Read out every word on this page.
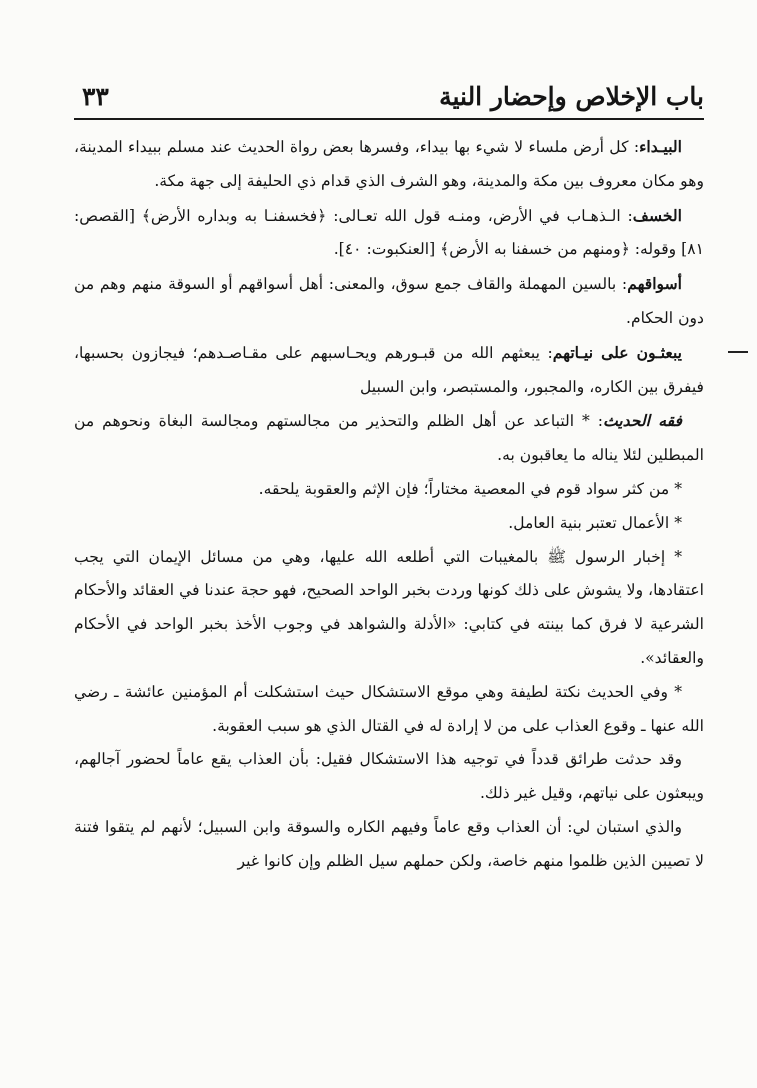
باب الإخلاص وإحضار النية
٣٣

البيـداء: كل أرض ملساء لا شيء بها بيداء، وفسرها بعض رواة الحديث عند مسلم ببيداء المدينة، وهو مكان معروف بين مكة والمدينة، وهو الشرف الذي قدام ذي الحليفة إلى جهة مكة.

الخسف: الـذهـاب في الأرض، ومنـه قول الله تعـالى: ﴿فخسفنـا به وبداره الأرض﴾ [القصص: ٨١] وقوله: ﴿ومنهم من خسفنا به الأرض﴾ [العنكبوت: ٤٠].

أسواقهم: بالسين المهملة والقاف جمع سوق، والمعنى: أهل أسواقهم أو السوقة منهم وهم من دون الحكام.

يبعثـون على نيـاتهم: يبعثهم الله من قبـورهم ويحـاسبهم على مقـاصـدهم؛ فيجازون بحسبها، فيفرق بين الكاره، والمجبور، والمستبصر، وابن السبيل

فقه الحديث: * التباعد عن أهل الظلم والتحذير من مجالستهم ومجالسة البغاة ونحوهم من المبطلين لئلا يناله ما يعاقبون به.

* من كثر سواد قوم في المعصية مختاراً؛ فإن الإثم والعقوبة يلحقه.

* الأعمال تعتبر بنية العامل.

* إخبار الرسول ﷺ بالمغيبات التي أطلعه الله عليها، وهي من مسائل الإيمان التي يجب اعتقادها، ولا يشوش على ذلك كونها وردت بخبر الواحد الصحيح، فهو حجة عندنا في العقائد والأحكام الشرعية لا فرق كما بينته في كتابي: «الأدلة والشواهد في وجوب الأخذ بخبر الواحد في الأحكام والعقائد».

* وفي الحديث نكتة لطيفة وهي موقع الاستشكال حيث استشكلت أم المؤمنين عائشة ـ رضي الله عنها ـ وقوع العذاب على من لا إرادة له في القتال الذي هو سبب العقوبة.

وقد حدثت طرائق قدداً في توجيه هذا الاستشكال فقيل: بأن العذاب يقع عاماً لحضور آجالهم، ويبعثون على نياتهم، وقيل غير ذلك.

والذي استبان لي: أن العذاب وقع عاماً وفيهم الكاره والسوقة وابن السبيل؛ لأنهم لم يتقوا فتنة لا تصيبن الذين ظلموا منهم خاصة، ولكن حملهم سيل الظلم وإن كانوا غير
